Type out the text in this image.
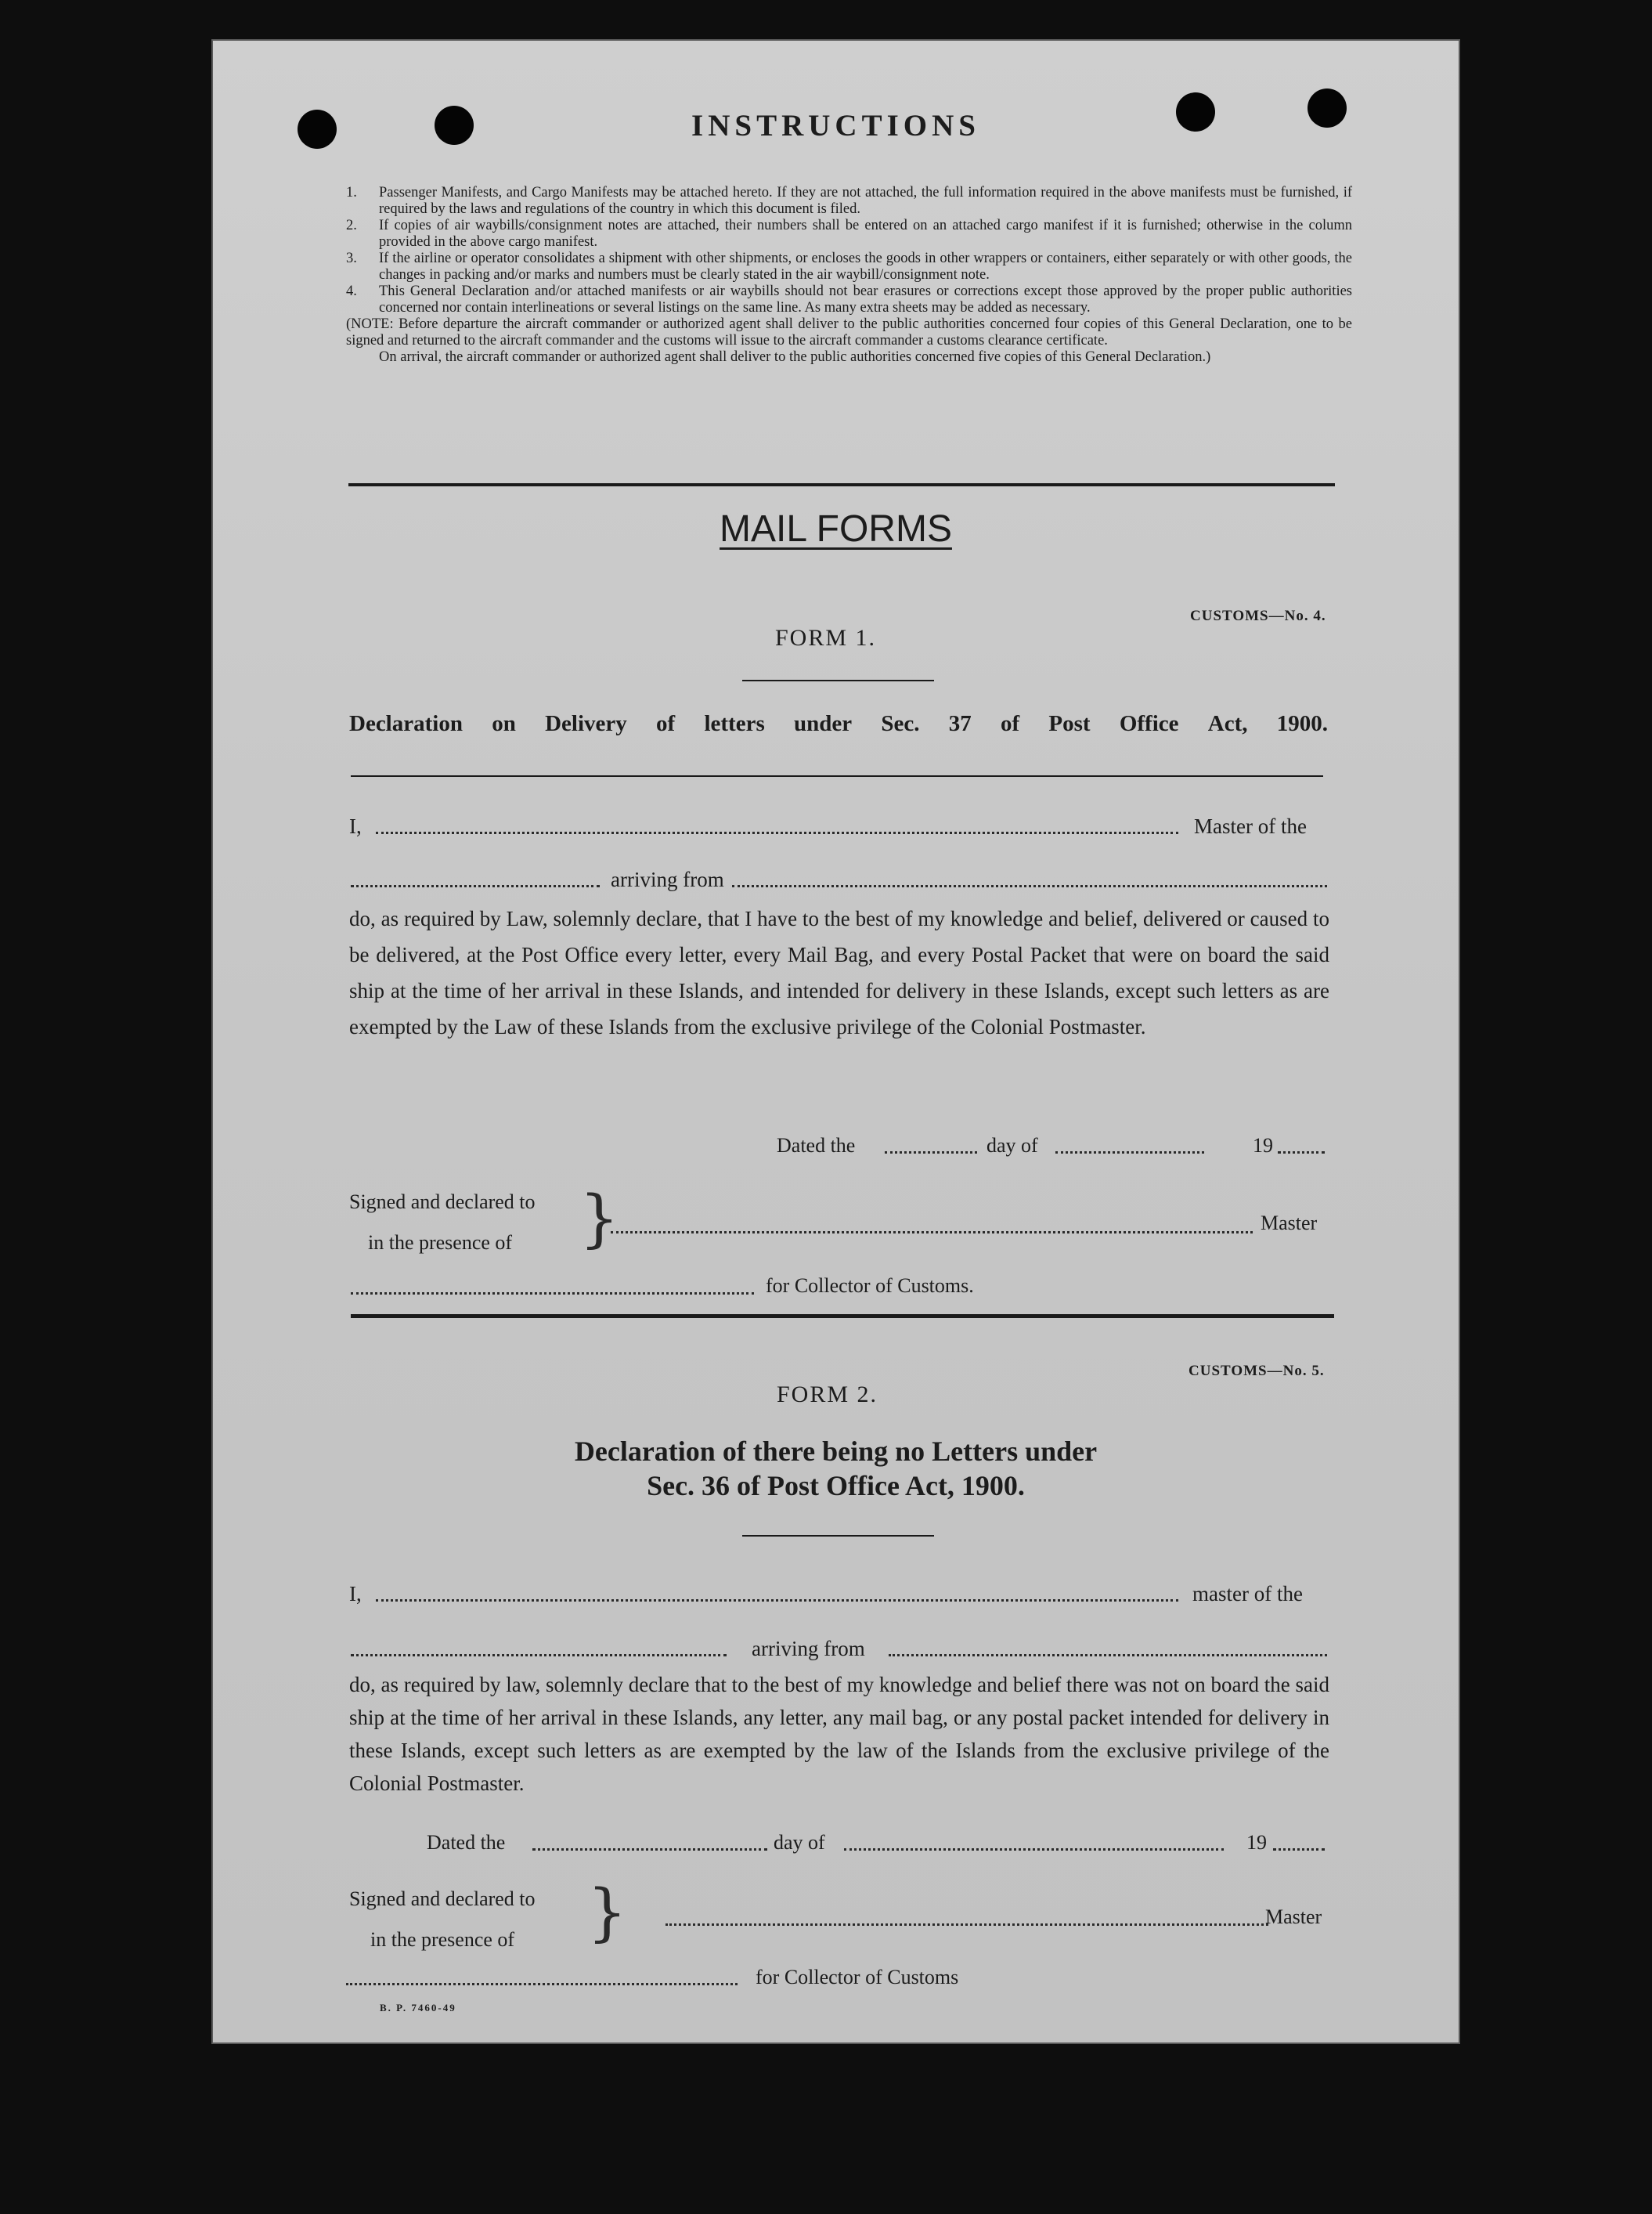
INSTRUCTIONS
1.	Passenger Manifests, and Cargo Manifests may be attached hereto. If they are not attached, the full information required in the above manifests must be furnished, if required by the laws and regulations of the country in which this document is filed.
2.	If copies of air waybills/consignment notes are attached, their numbers shall be entered on an attached cargo manifest if it is furnished; otherwise in the column provided in the above cargo manifest.
3.	If the airline or operator consolidates a shipment with other shipments, or encloses the goods in other wrappers or containers, either separately or with other goods, the changes in packing and/or marks and numbers must be clearly stated in the air waybill/consignment note.
4.	This General Declaration and/or attached manifests or air waybills should not bear erasures or corrections except those approved by the proper public authorities concerned nor contain interlineations or several listings on the same line. As many extra sheets may be added as necessary.
(NOTE: Before departure the aircraft commander or authorized agent shall deliver to the public authorities concerned four copies of this General Declaration, one to be signed and returned to the aircraft commander and the customs will issue to the aircraft commander a customs clearance certificate.
On arrival, the aircraft commander or authorized agent shall deliver to the public authorities concerned five copies of this General Declaration.)
MAIL FORMS
CUSTOMS—No. 4.
FORM 1.
Declaration on Delivery of letters under Sec. 37 of Post Office Act, 1900.
I,	Master of the
arriving from
do, as required by Law, solemnly declare, that I have to the best of my knowledge and belief, delivered or caused to be delivered, at the Post Office every letter, every Mail Bag, and every Postal Packet that were on board the said ship at the time of her arrival in these Islands, and intended for delivery in these Islands, except such letters as are exempted by the Law of these Islands from the exclusive privilege of the Colonial Postmaster.
Dated the	day of	19
Signed and declared to
in the presence of }	Master
for Collector of Customs.
CUSTOMS—No. 5.
FORM 2.
Declaration of there being no Letters under
Sec. 36 of Post Office Act, 1900.
I,	master of the
arriving from
do, as required by law, solemnly declare that to the best of my knowledge and belief there was not on board the said ship at the time of her arrival in these Islands, any letter, any mail bag, or any postal packet intended for delivery in these Islands, except such letters as are exempted by the law of the Islands from the exclusive privilege of the Colonial Postmaster.
Dated the	day of	19
Signed and declared to
in the presence of }	Master
for Collector of Customs
B. P. 7460-49
